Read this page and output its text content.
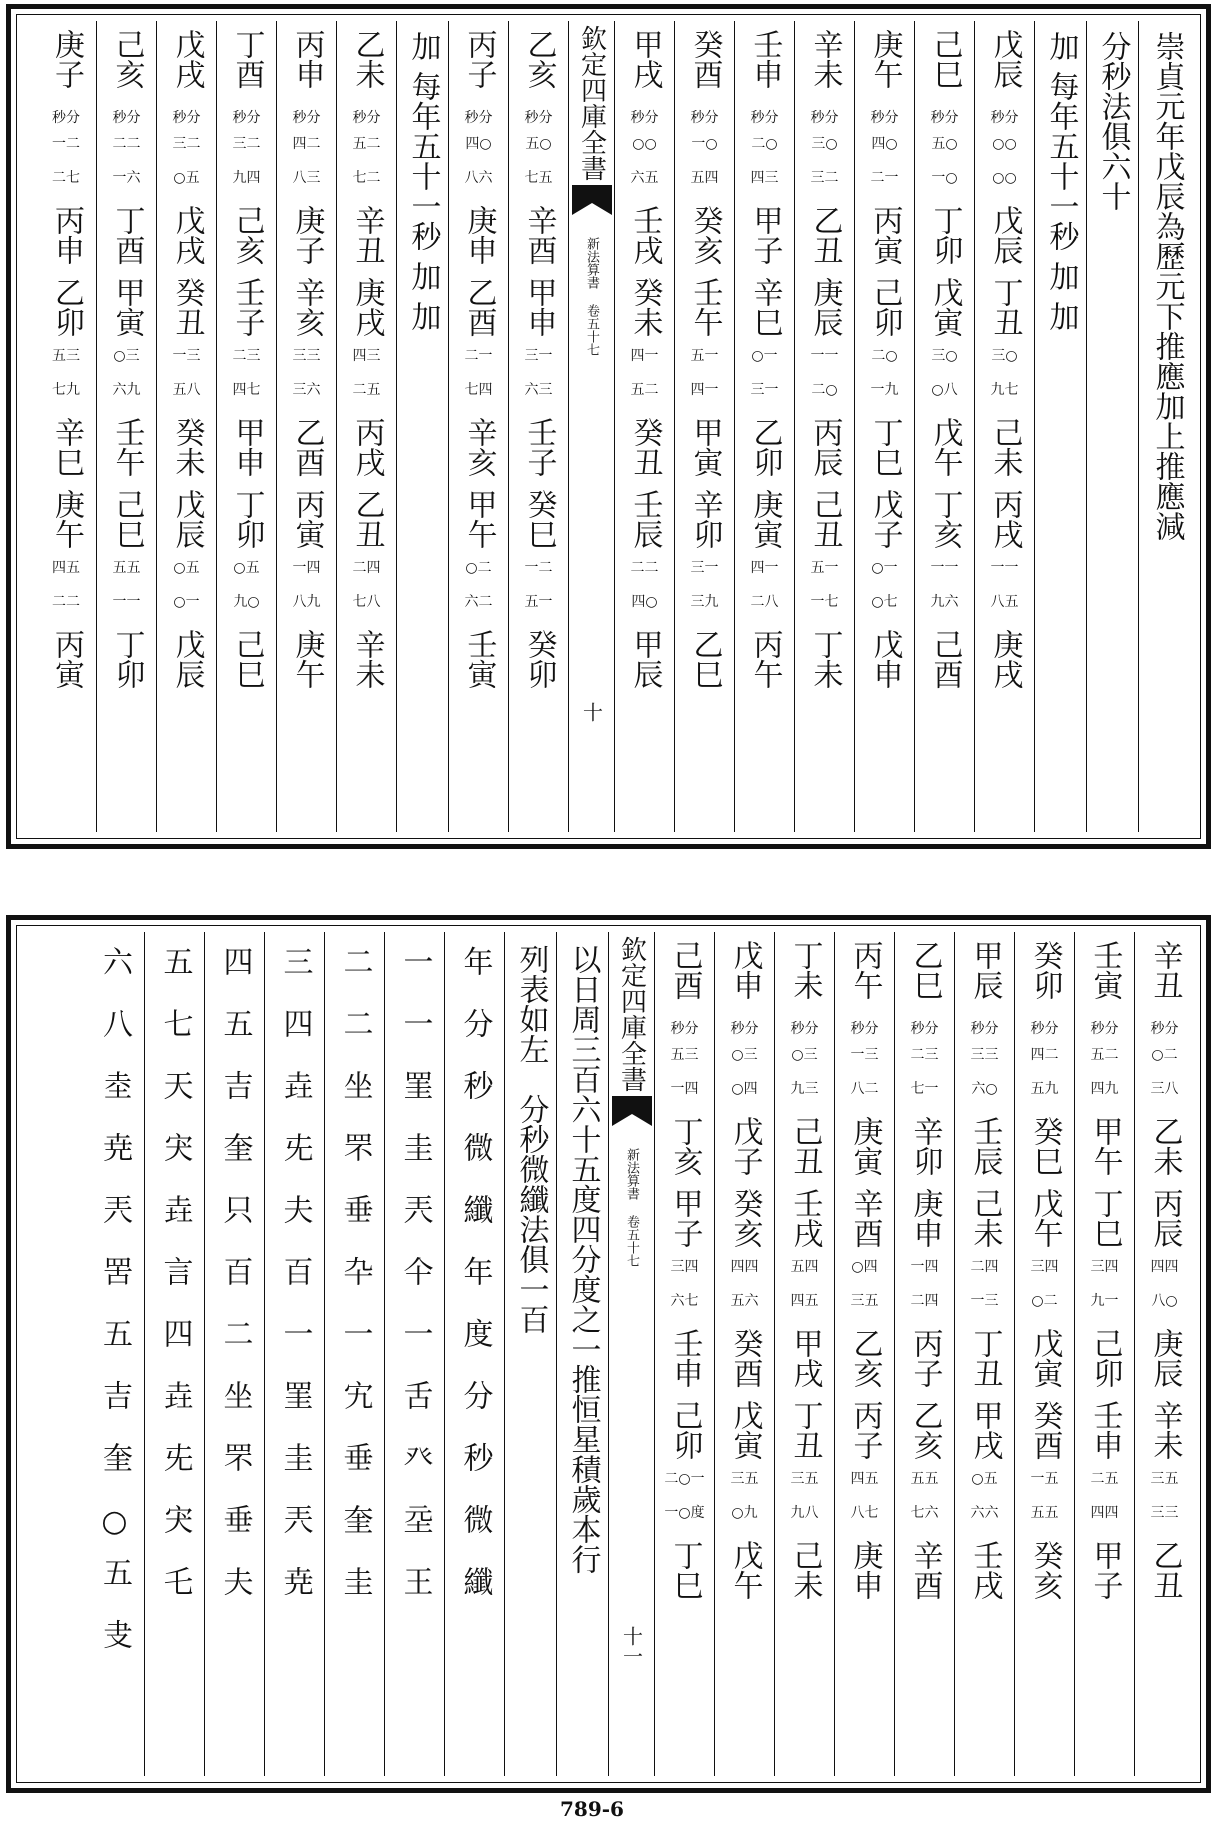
崇貞元年戊辰為歷元下推應加上推應減
分秒法俱六十
加
每年五十一秒
加
加
戊辰
秒分
○○
○○
戊辰
丁丑
三○
九七
己未
丙戌
一一
八五
庚戌
己巳
秒分
五○
一○
丁卯
戊寅
三○
○八
戊午
丁亥
一一
九六
己酉
庚午
秒分
四○
二一
丙寅
己卯
二○
一九
丁巳
戊子
○一
○七
戊申
辛未
秒分
三○
三二
乙丑
庚辰
一一
二○
丙辰
己丑
五一
一七
丁未
壬申
秒分
二○
四三
甲子
辛巳
○一
三一
乙卯
庚寅
四一
二八
丙午
癸酉
秒分
一○
五四
癸亥
壬午
五一
四一
甲寅
辛卯
三一
三九
乙巳
甲戌
秒分
○○
六五
壬戌
癸未
四一
五二
癸丑
壬辰
二二
四○
甲辰
欽定四庫全書
新法算書 卷五十七
十
乙亥
秒分
五○
七五
辛酉
甲申
三一
六三
壬子
癸巳
一二
五一
癸卯
丙子
秒分
四○
八六
庚申
乙酉
二一
七四
辛亥
甲午
○二
六二
壬寅
加
每年五十一秒
加
加
乙未
秒分
五二
七二
辛丑
庚戌
四三
二五
丙戌
乙丑
二四
七八
辛未
丙申
秒分
四二
八三
庚子
辛亥
三三
三六
乙酉
丙寅
一四
八九
庚午
丁酉
秒分
三二
九四
己亥
壬子
二三
四七
甲申
丁卯
○五
九○
己巳
戊戌
秒分
三二
○五
戊戌
癸丑
一三
五八
癸未
戊辰
○五
○一
戊辰
己亥
秒分
二二
一六
丁酉
甲寅
○三
六九
壬午
己巳
五五
一一
丁卯
庚子
秒分
一二
二七
丙申
乙卯
五三
七九
辛巳
庚午
四五
二二
丙寅
辛丑
秒分
○二
三八
乙未
丙辰
四四
八○
庚辰
辛未
三五
三三
乙丑
壬寅
秒分
五二
四九
甲午
丁巳
三四
九一
己卯
壬申
二五
四四
甲子
癸卯
秒分
四二
五九
癸巳
戊午
三四
○二
戊寅
癸酉
一五
五五
癸亥
甲辰
秒分
三三
六○
壬辰
己未
二四
一三
丁丑
甲戌
○五
六六
壬戌
乙巳
秒分
二三
七一
辛卯
庚申
一四
二四
丙子
乙亥
五五
七六
辛酉
丙午
秒分
一三
八二
庚寅
辛酉
○四
三五
乙亥
丙子
四五
八七
庚申
丁未
秒分
○三
九三
己丑
壬戌
五四
四五
甲戌
丁丑
三五
九八
己未
戊申
秒分
○三
○四
戊子
癸亥
四四
五六
癸酉
戊寅
三五
○九
戊午
己酉
秒分
五三
一四
丁亥
甲子
三四
六七
壬申
己卯
二○一
一○度
丁巳
欽定四庫全書
新法算書 卷五十七
十一
以日周三百六十五度四分度之一推恒星積歲本行
列表如左　分秒微纖法俱一百
年
分
秒
微
纖
年
度
分
秒
微
纖
一
一
罣
圭
兲
仐
一
舌
癶
坖
王
二
二
坐
罘
垂
卆
一
宄
垂
奎
圭
三
四
垚
兂
夫
百
一
罣
圭
兲
尭
四
五
吉
奎
只
百
二
坐
罘
垂
夫
五
七
天
宊
垚
言
四
垚
兂
宊
乇
六
八
坴
尭
兲
罟
五
吉
奎
○五
叏
789-6
